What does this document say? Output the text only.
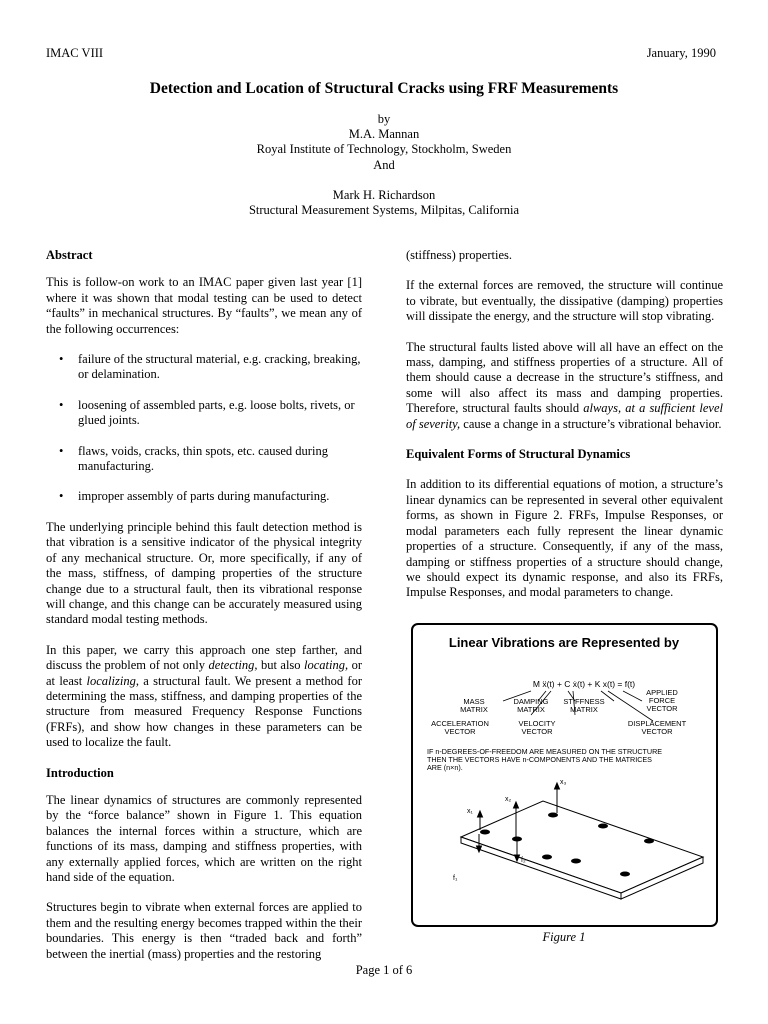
IMAC VIII	January, 1990
Detection and Location of Structural Cracks using FRF Measurements
by
M.A. Mannan
Royal Institute of Technology, Stockholm, Sweden
And
Mark H. Richardson
Structural Measurement Systems, Milpitas, California
Abstract

This is follow-on work to an IMAC paper given last year [1] where it was shown that modal testing can be used to detect “faults” in mechanical structures. By “faults”, we mean any of the following occurrences:

• failure of the structural material, e.g. cracking, breaking, or delamination.
• loosening of assembled parts, e.g. loose bolts, rivets, or glued joints.
• flaws, voids, cracks, thin spots, etc. caused during manufacturing.
• improper assembly of parts during manufacturing.

The underlying principle behind this fault detection method is that vibration is a sensitive indicator of the physical integrity of any mechanical structure. Or, more specifically, if any of the mass, stiffness, of damping properties of the structure change due to a structural fault, then its vibrational response will change, and this change can be accurately measured using standard modal testing methods.

In this paper, we carry this approach one step farther, and discuss the problem of not only detecting, but also locating, or at least localizing, a structural fault. We present a method for determining the mass, stiffness, and damping properties of the structure from measured Frequency Response Functions (FRFs), and show how changes in these parameters can be used to localize the fault.

Introduction

The linear dynamics of structures are commonly represented by the “force balance” shown in Figure 1. This equation balances the internal forces within a structure, which are functions of its mass, damping and stiffness properties, with any externally applied forces, which are written on the right hand side of the equation.

Structures begin to vibrate when external forces are applied to them and the resulting energy becomes trapped within the their boundaries. This energy is then “traded back and forth” between the inertial (mass) properties and the restoring

(stiffness) properties.

If the external forces are removed, the structure will continue to vibrate, but eventually, the dissipative (damping) properties will dissipate the energy, and the structure will stop vibrating.

The structural faults listed above will all have an effect on the mass, damping, and stiffness properties of a structure. All of them should cause a decrease in the structure’s stiffness, and some will also affect its mass and damping properties. Therefore, structural faults should always, at a sufficient level of severity, cause a change in a structure’s vibrational behavior.

Equivalent Forms of Structural Dynamics

In addition to its differential equations of motion, a structure’s linear dynamics can be represented in several other equivalent forms, as shown in Figure 2. FRFs, Impulse Responses, or modal parameters each fully represent the linear dynamic properties of a structure. Consequently, if any of the mass, damping or stiffness properties of a structure should change, we should expect its dynamic response, and also its FRFs, Impulse Responses, and modal parameters to change.

Linear Vibrations are Represented by
M ẍ(t) + C ẋ(t) + K x(t) = f(t)
MASS
MATRIX
DAMPING
MATRIX
STIFFNESS
MATRIX
APPLIED
FORCE
VECTOR
ACCELERATION
VECTOR
VELOCITY
VECTOR
DISPLACEMENT
VECTOR
IF n-DEGREES-OF-FREEDOM ARE MEASURED ON THE STRUCTURE
THEN THE VECTORS HAVE n-COMPONENTS AND THE MATRICES
ARE (n×n).
x₁
x₂
x₃
f₁
f₂
Figure 1
Page 1 of 6
